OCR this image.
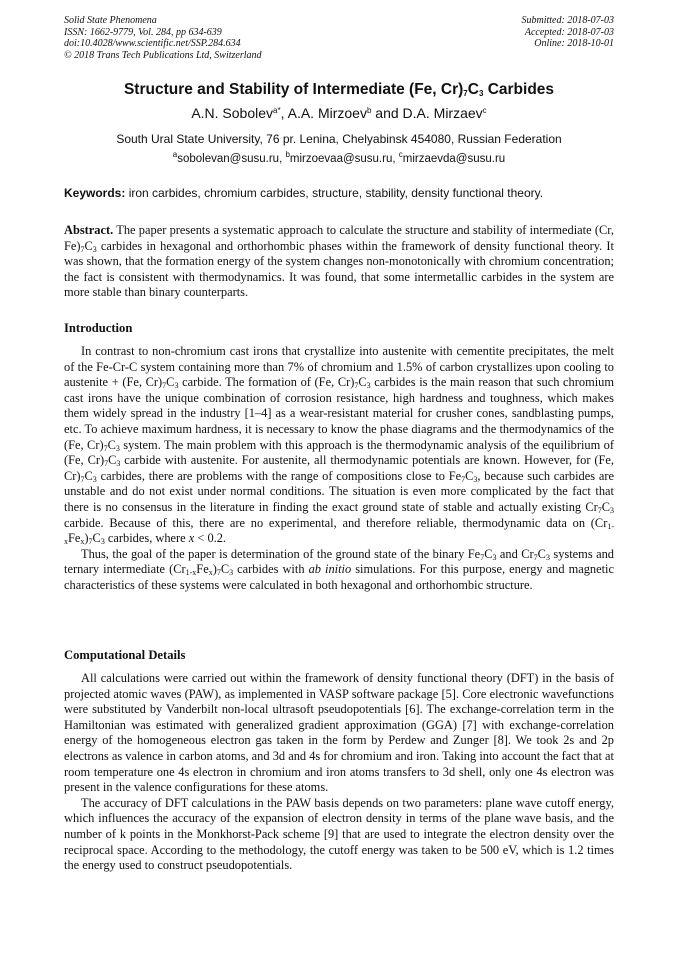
Solid State Phenomena
ISSN: 1662-9779, Vol. 284, pp 634-639
doi:10.4028/www.scientific.net/SSP.284.634
© 2018 Trans Tech Publications Ltd, Switzerland
Submitted: 2018-07-03
Accepted: 2018-07-03
Online: 2018-10-01
Structure and Stability of Intermediate (Fe, $Cr)_7C_3$ Carbides
A.N. Sobolev$^{a*}$, A.A. Mirzoev$^b$ and D.A. Mirzaev$^c$
South Ural State University, 76 pr. Lenina, Chelyabinsk 454080, Russian Federation
$^a$sobolevan@susu.ru, $^b$mirzoevaa@susu.ru, $^c$mirzaevda@susu.ru
Keywords: iron carbides, chromium carbides, structure, stability, density functional theory.

Abstract. The paper presents a systematic approach to calculate the structure and stability of intermediate (Cr, $Fe)_7C_3$ carbides in hexagonal and orthorhombic phases within the framework of density functional theory. It was shown, that the formation energy of the system changes non-monotonically with chromium concentration; the fact is consistent with thermodynamics. It was found, that some intermetallic carbides in the system are more stable than binary counterparts.

Introduction

In contrast to non-chromium cast irons that crystallize into austenite with cementite precipitates, the melt of the Fe-Cr-C system containing more than 7% of chromium and 1.5% of carbon crystallizes upon cooling to austenite + (Fe, $Cr)_7C_3$ carbide. The formation of (Fe, $Cr)_7C_3$ carbides is the main reason that such chromium cast irons have the unique combination of corrosion resistance, high hardness and toughness, which makes them widely spread in the industry [1–4] as a wear-resistant material for crusher cones, sandblasting pumps, etc. To achieve maximum hardness, it is necessary to know the phase diagrams and the thermodynamics of the (Fe, $Cr)_7C_3$ system. The main problem with this approach is the thermodynamic analysis of the equilibrium of (Fe, $Cr)_7C_3$ carbide with austenite. For austenite, all thermodynamic potentials are known. However, for (Fe, $Cr)_7C_3$ carbides, there are problems with the range of compositions close to $Fe_7C_3$, because such carbides are unstable and do not exist under normal conditions. The situation is even more complicated by the fact that there is no consensus in the literature in finding the exact ground state of stable and actually existing $Cr_7C_3$ carbide. Because of this, there are no experimental, and therefore reliable, thermodynamic data on $(Cr_{1-x}Fe_x)_7C_3$ carbides, where x < 0.2.

Thus, the goal of the paper is determination of the ground state of the binary $Fe_7C_3$ and $Cr_7C_3$ systems and ternary intermediate $(Cr_{1-x}Fe_x)_7C_3$ carbides with ab initio simulations. For this purpose, energy and magnetic characteristics of these systems were calculated in both hexagonal and orthorhombic structure.

Computational Details

All calculations were carried out within the framework of density functional theory (DFT) in the basis of projected atomic waves (PAW), as implemented in VASP software package [5]. Core electronic wavefunctions were substituted by Vanderbilt non-local ultrasoft pseudopotentials [6]. The exchange-correlation term in the Hamiltonian was estimated with generalized gradient approximation (GGA) [7] with exchange-correlation energy of the homogeneous electron gas taken in the form by Perdew and Zunger [8]. We took 2s and 2p electrons as valence in carbon atoms, and 3d and 4s for chromium and iron. Taking into account the fact that at room temperature one 4s electron in chromium and iron atoms transfers to 3d shell, only one 4s electron was present in the valence configurations for these atoms.

The accuracy of DFT calculations in the PAW basis depends on two parameters: plane wave cutoff energy, which influences the accuracy of the expansion of electron density in terms of the plane wave basis, and the number of k points in the Monkhorst-Pack scheme [9] that are used to integrate the electron density over the reciprocal space. According to the methodology, the cutoff energy was taken to be 500 eV, which is 1.2 times the energy used to construct pseudopotentials.
